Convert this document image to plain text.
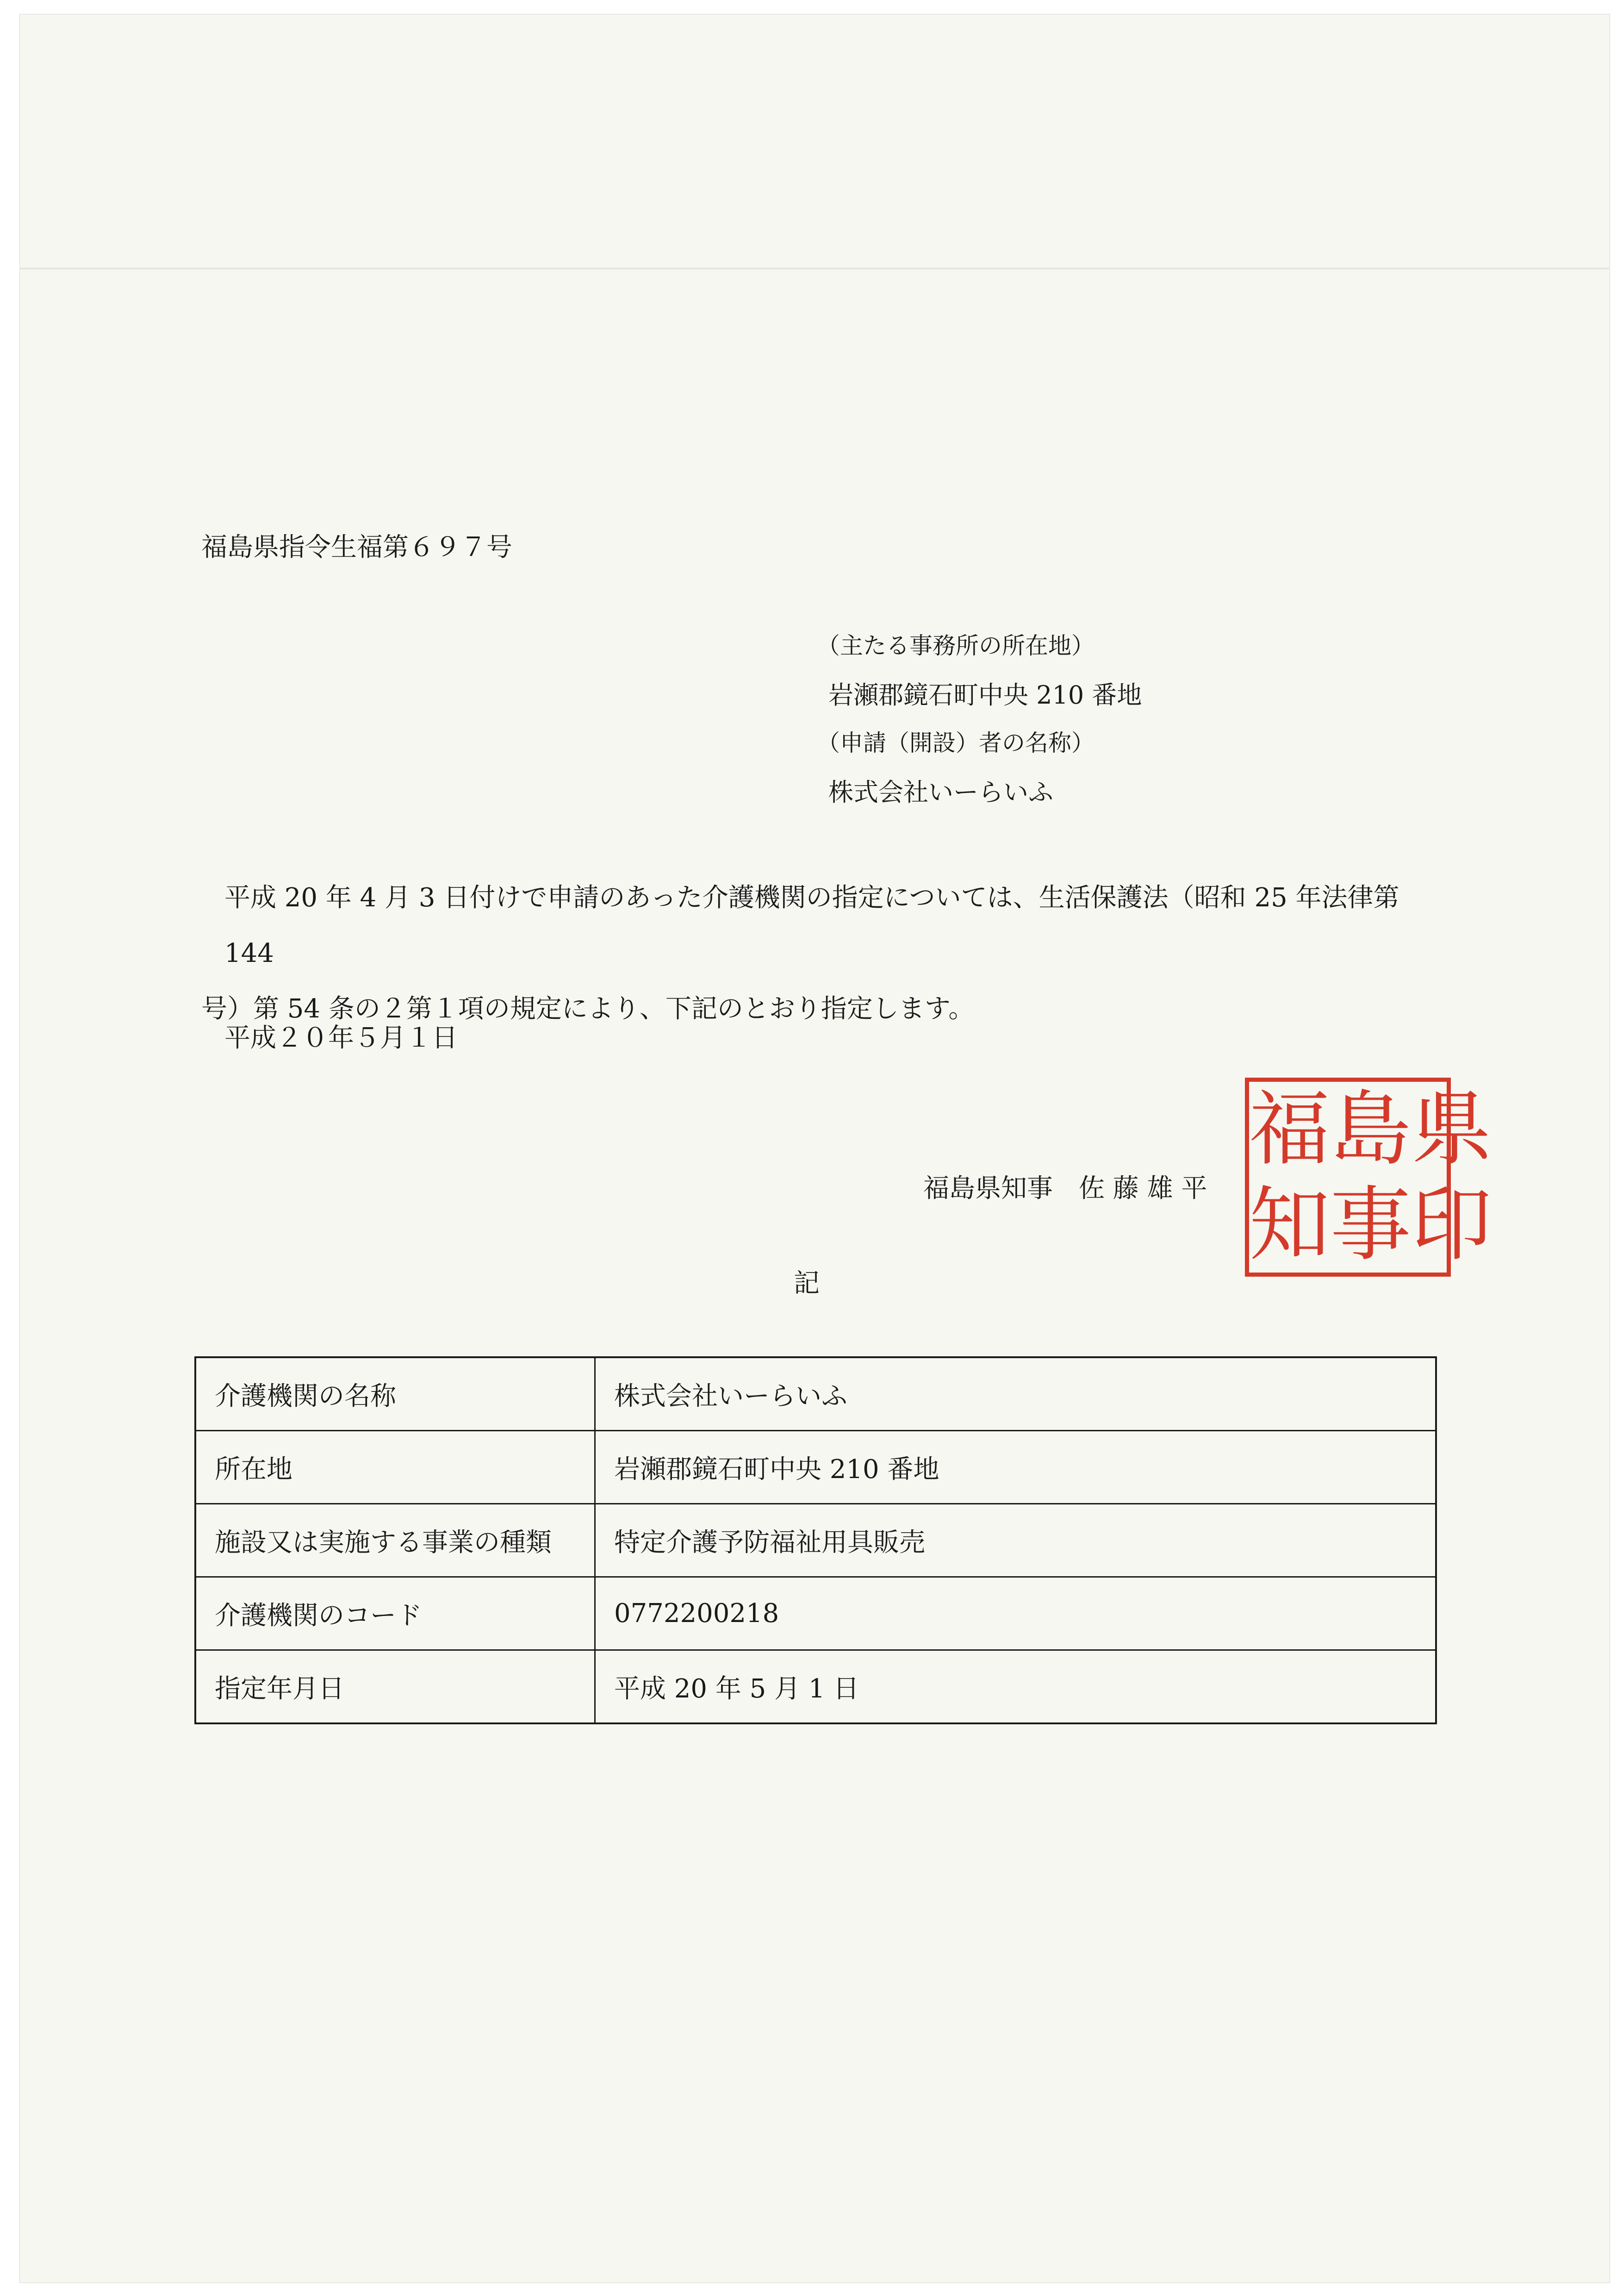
福島県指令生福第６９７号
（主たる事務所の所在地）
岩瀬郡鏡石町中央 210 番地
（申請（開設）者の名称）
株式会社いーらいふ

平成 20 年 4 月 3 日付けで申請のあった介護機関の指定については、生活保護法（昭和 25 年法律第 144

号）第 54 条の２第１項の規定により、下記のとおり指定します。

平成２０年５月１日
福島県知事　佐 藤 雄 平
福 島 県
知 事 印
記
介護機関の名称	株式会社いーらいふ
所在地	岩瀬郡鏡石町中央 210 番地
施設又は実施する事業の種類	特定介護予防福祉用具販売
介護機関のコード	0772200218
指定年月日	平成 20 年 5 月 1 日
